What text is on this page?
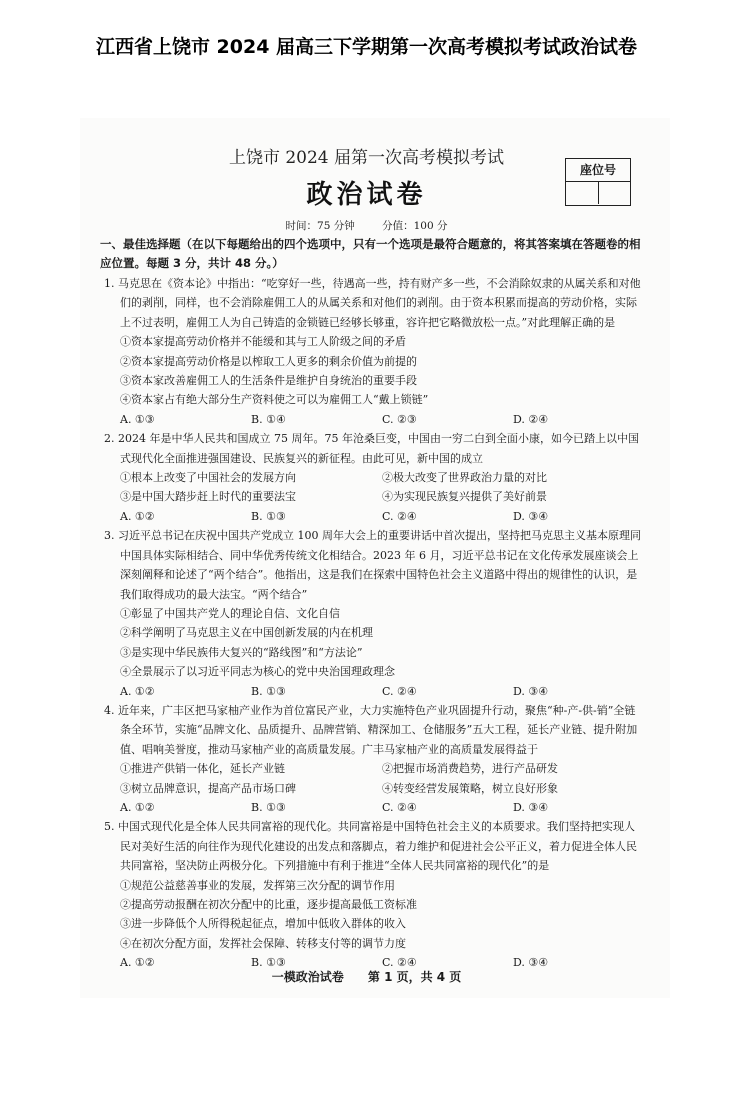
江西省上饶市 2024 届高三下学期第一次高考模拟考试政治试卷
上饶市 2024 届第一次高考模拟考试
政治试卷
座位号
时间：75 分钟	分值：100 分
一、最佳选择题（在以下每题给出的四个选项中，只有一个选项是最符合题意的，将其答案填在答题卷的相应位置。每题 3 分，共计 48 分。）

1. 马克思在《资本论》中指出：“吃穿好一些，待遇高一些，持有财产多一些，不会消除奴隶的从属关系和对他们的剥削，同样，也不会消除雇佣工人的从属关系和对他们的剥削。由于资本积累而提高的劳动价格，实际上不过表明，雇佣工人为自己铸造的金锁链已经够长够重，容许把它略微放松一点。”对此理解正确的是

①资本家提高劳动价格并不能缓和其与工人阶级之间的矛盾

②资本家提高劳动价格是以榨取工人更多的剩余价值为前提的

③资本家改善雇佣工人的生活条件是维护自身统治的重要手段

④资本家占有绝大部分生产资料使之可以为雇佣工人“戴上锁链”

A. ①③	B. ①④	C. ②③	D. ②④

2. 2024 年是中华人民共和国成立 75 周年。75 年沧桑巨变，中国由一穷二白到全面小康，如今已踏上以中国式现代化全面推进强国建设、民族复兴的新征程。由此可见，新中国的成立

①根本上改变了中国社会的发展方向	②极大改变了世界政治力量的对比
③是中国大踏步赶上时代的重要法宝	④为实现民族复兴提供了美好前景
A. ①②	B. ①③	C. ②④	D. ③④

3. 习近平总书记在庆祝中国共产党成立 100 周年大会上的重要讲话中首次提出，坚持把马克思主义基本原理同中国具体实际相结合、同中华优秀传统文化相结合。2023 年 6 月，习近平总书记在文化传承发展座谈会上深刻阐释和论述了“两个结合”。他指出，这是我们在探索中国特色社会主义道路中得出的规律性的认识，是我们取得成功的最大法宝。“两个结合”

①彰显了中国共产党人的理论自信、文化自信

②科学阐明了马克思主义在中国创新发展的内在机理

③是实现中华民族伟大复兴的“路线图”和“方法论”

④全景展示了以习近平同志为核心的党中央治国理政理念

A. ①②	B. ①③	C. ②④	D. ③④

4. 近年来，广丰区把马家柚产业作为首位富民产业，大力实施特色产业巩固提升行动，聚焦“种-产-供-销”全链条全环节，实施“品牌文化、品质提升、品牌营销、精深加工、仓储服务”五大工程，延长产业链、提升附加值、唱响美誉度，推动马家柚产业的高质量发展。广丰马家柚产业的高质量发展得益于

①推进产供销一体化，延长产业链	②把握市场消费趋势，进行产品研发
③树立品牌意识，提高产品市场口碑	④转变经营发展策略，树立良好形象
A. ①②	B. ①③	C. ②④	D. ③④

5. 中国式现代化是全体人民共同富裕的现代化。共同富裕是中国特色社会主义的本质要求。我们坚持把实现人民对美好生活的向往作为现代化建设的出发点和落脚点，着力维护和促进社会公平正义，着力促进全体人民共同富裕，坚决防止两极分化。下列措施中有利于推进“全体人民共同富裕的现代化”的是

①规范公益慈善事业的发展，发挥第三次分配的调节作用

②提高劳动报酬在初次分配中的比重，逐步提高最低工资标准

③进一步降低个人所得税起征点，增加中低收入群体的收入

④在初次分配方面，发挥社会保障、转移支付等的调节力度

A. ①②	B. ①③	C. ②④	D. ③④
一模政治试卷 第 1 页，共 4 页
